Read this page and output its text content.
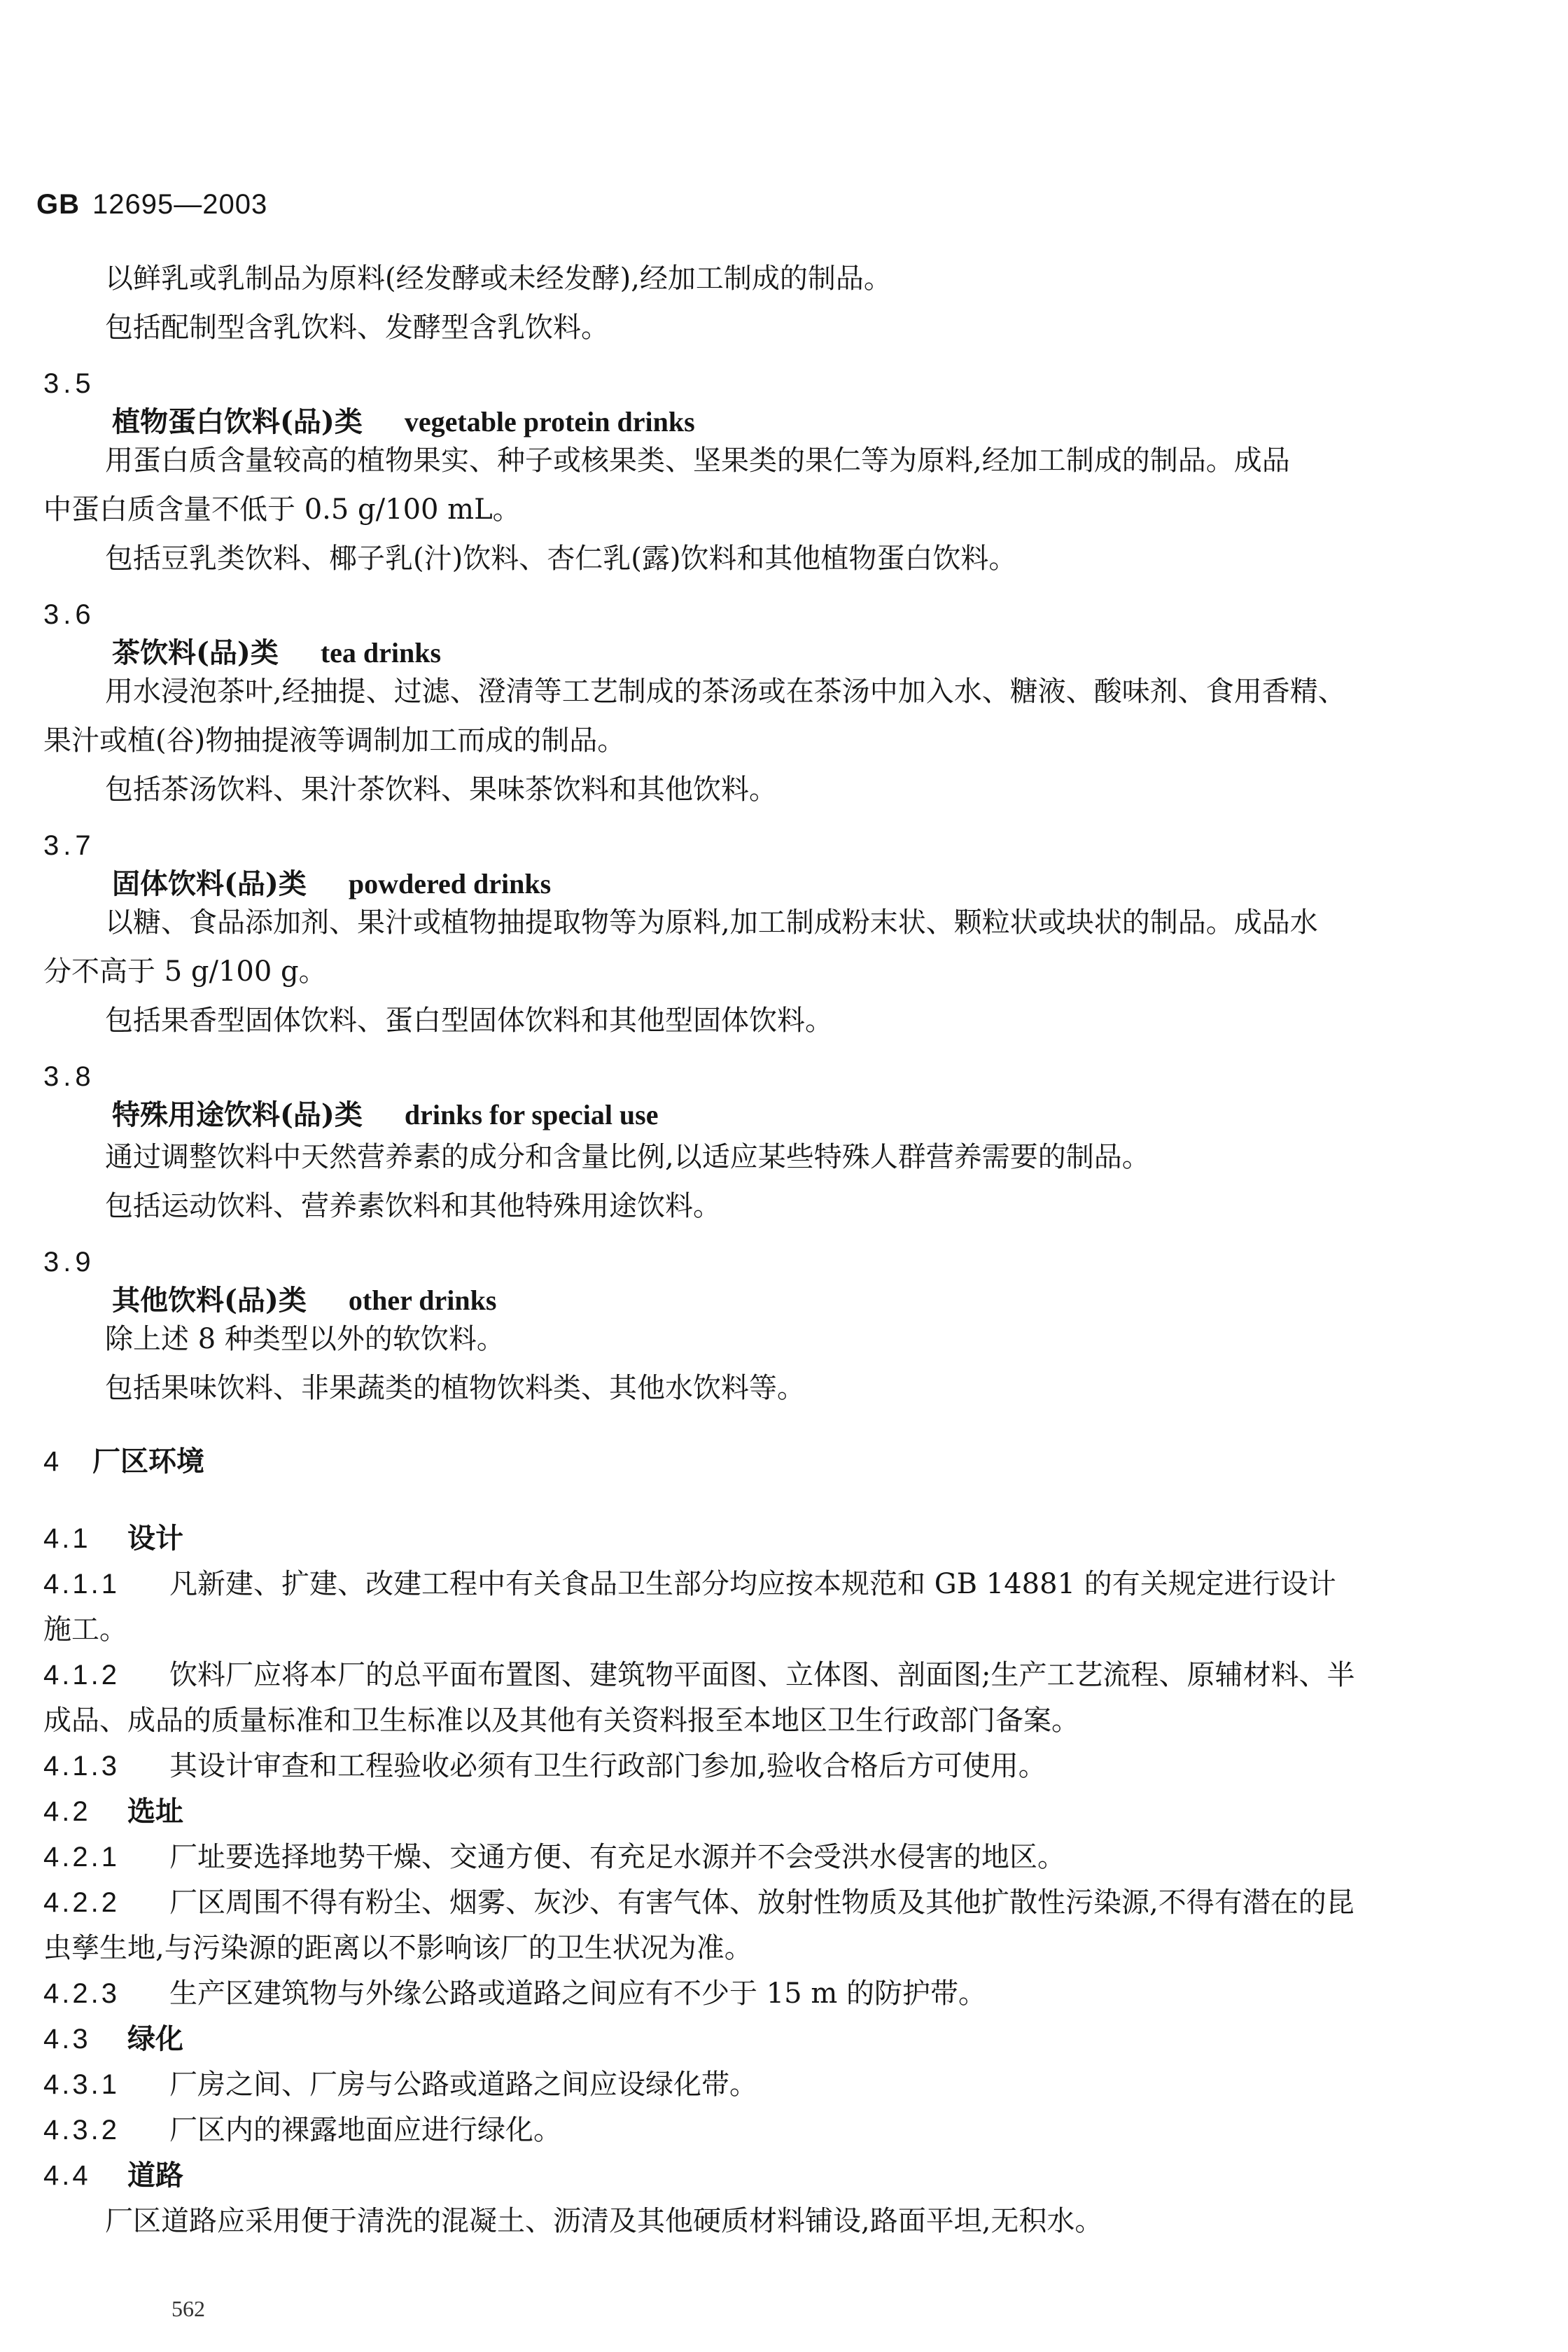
GB 12695—2003
以鲜乳或乳制品为原料(经发酵或未经发酵),经加工制成的制品。
包括配制型含乳饮料、发酵型含乳饮料。
3.5
植物蛋白饮料(品)类 vegetable protein drinks
用蛋白质含量较高的植物果实、种子或核果类、坚果类的果仁等为原料,经加工制成的制品。成品
中蛋白质含量不低于 0.5 g/100 mL。
包括豆乳类饮料、椰子乳(汁)饮料、杏仁乳(露)饮料和其他植物蛋白饮料。
3.6
茶饮料(品)类 tea drinks
用水浸泡茶叶,经抽提、过滤、澄清等工艺制成的茶汤或在茶汤中加入水、糖液、酸味剂、食用香精、
果汁或植(谷)物抽提液等调制加工而成的制品。
包括茶汤饮料、果汁茶饮料、果味茶饮料和其他饮料。
3.7
固体饮料(品)类 powdered drinks
以糖、食品添加剂、果汁或植物抽提取物等为原料,加工制成粉末状、颗粒状或块状的制品。成品水
分不高于 5 g/100 g。
包括果香型固体饮料、蛋白型固体饮料和其他型固体饮料。
3.8
特殊用途饮料(品)类 drinks for special use
通过调整饮料中天然营养素的成分和含量比例,以适应某些特殊人群营养需要的制品。
包括运动饮料、营养素饮料和其他特殊用途饮料。
3.9
其他饮料(品)类 other drinks
除上述 8 种类型以外的软饮料。
包括果味饮料、非果蔬类的植物饮料类、其他水饮料等。
4 厂区环境
4.1 设计
4.1.1 凡新建、扩建、改建工程中有关食品卫生部分均应按本规范和 GB 14881 的有关规定进行设计
施工。
4.1.2 饮料厂应将本厂的总平面布置图、建筑物平面图、立体图、剖面图;生产工艺流程、原辅材料、半
成品、成品的质量标准和卫生标准以及其他有关资料报至本地区卫生行政部门备案。
4.1.3 其设计审查和工程验收必须有卫生行政部门参加,验收合格后方可使用。
4.2 选址
4.2.1 厂址要选择地势干燥、交通方便、有充足水源并不会受洪水侵害的地区。
4.2.2 厂区周围不得有粉尘、烟雾、灰沙、有害气体、放射性物质及其他扩散性污染源,不得有潜在的昆
虫孳生地,与污染源的距离以不影响该厂的卫生状况为准。
4.2.3 生产区建筑物与外缘公路或道路之间应有不少于 15 m 的防护带。
4.3 绿化
4.3.1 厂房之间、厂房与公路或道路之间应设绿化带。
4.3.2 厂区内的裸露地面应进行绿化。
4.4 道路
厂区道路应采用便于清洗的混凝土、沥清及其他硬质材料铺设,路面平坦,无积水。
562
